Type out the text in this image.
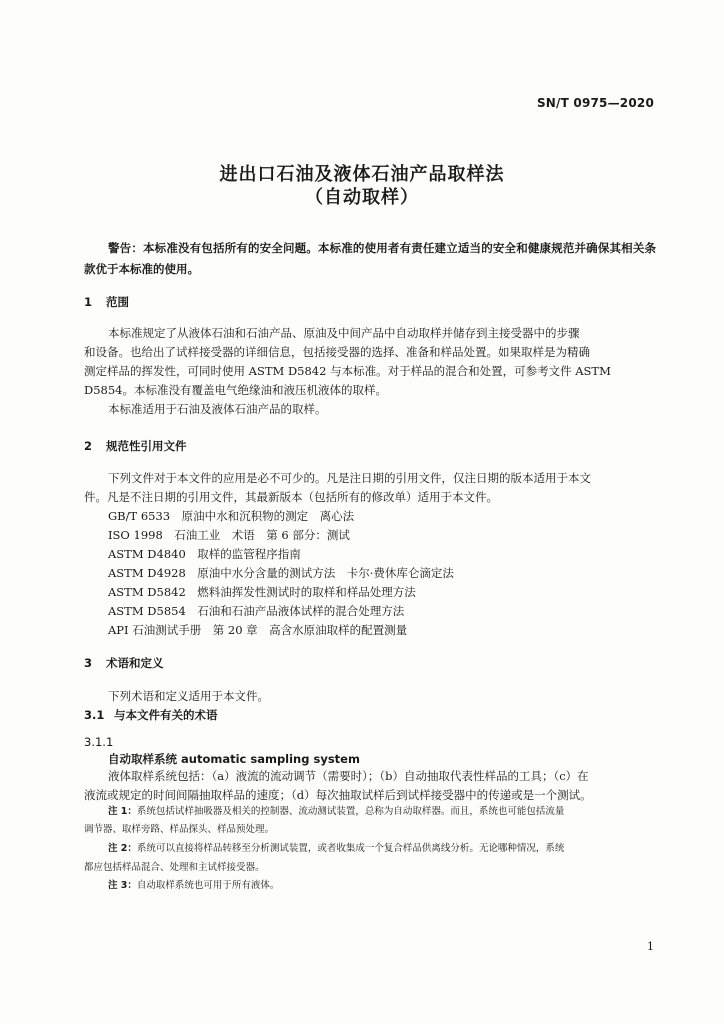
SN/T 0975—2020
进出口石油及液体石油产品取样法
（自动取样）
警告：本标准没有包括所有的安全问题。本标准的使用者有责任建立适当的安全和健康规范并确保其相关条款优于本标准的使用。
1 范围
本标准规定了从液体石油和石油产品、原油及中间产品中自动取样并储存到主接受器中的步骤
和设备。也给出了试样接受器的详细信息，包括接受器的选择、准备和样品处置。如果取样是为精确
测定样品的挥发性，可同时使用 ASTM D5842 与本标准。对于样品的混合和处置，可参考文件 ASTM
D5854。本标准没有覆盖电气绝缘油和液压机液体的取样。
本标准适用于石油及液体石油产品的取样。
2 规范性引用文件
下列文件对于本文件的应用是必不可少的。凡是注日期的引用文件，仅注日期的版本适用于本文
件。凡是不注日期的引用文件，其最新版本（包括所有的修改单）适用于本文件。
GB/T 6533　原油中水和沉积物的测定　离心法
ISO 1998　石油工业　术语　第 6 部分：测试
ASTM D4840　取样的监管程序指南
ASTM D4928　原油中水分含量的测试方法　卡尔·费休库仑滴定法
ASTM D5842　燃料油挥发性测试时的取样和样品处理方法
ASTM D5854　石油和石油产品液体试样的混合处理方法
API 石油测试手册　第 20 章　高含水原油取样的配置测量
3 术语和定义
下列术语和定义适用于本文件。
3.1 与本文件有关的术语
3.1.1
自动取样系统 automatic sampling system
液体取样系统包括：（a）液流的流动调节（需要时）；（b）自动抽取代表性样品的工具；（c）在
液流或规定的时间间隔抽取样品的速度；（d）每次抽取试样后到试样接受器中的传递或是一个测试。
注 1：系统包括试样抽吸器及相关的控制器、流动测试装置，总称为自动取样器。而且，系统也可能包括流量
调节器、取样旁路、样品探头、样品预处理。
注 2：系统可以直接将样品转移至分析测试装置，或者收集成一个复合样品供离线分析。无论哪种情况，系统
都应包括样品混合、处理和主试样接受器。
注 3：自动取样系统也可用于所有液体。
1
